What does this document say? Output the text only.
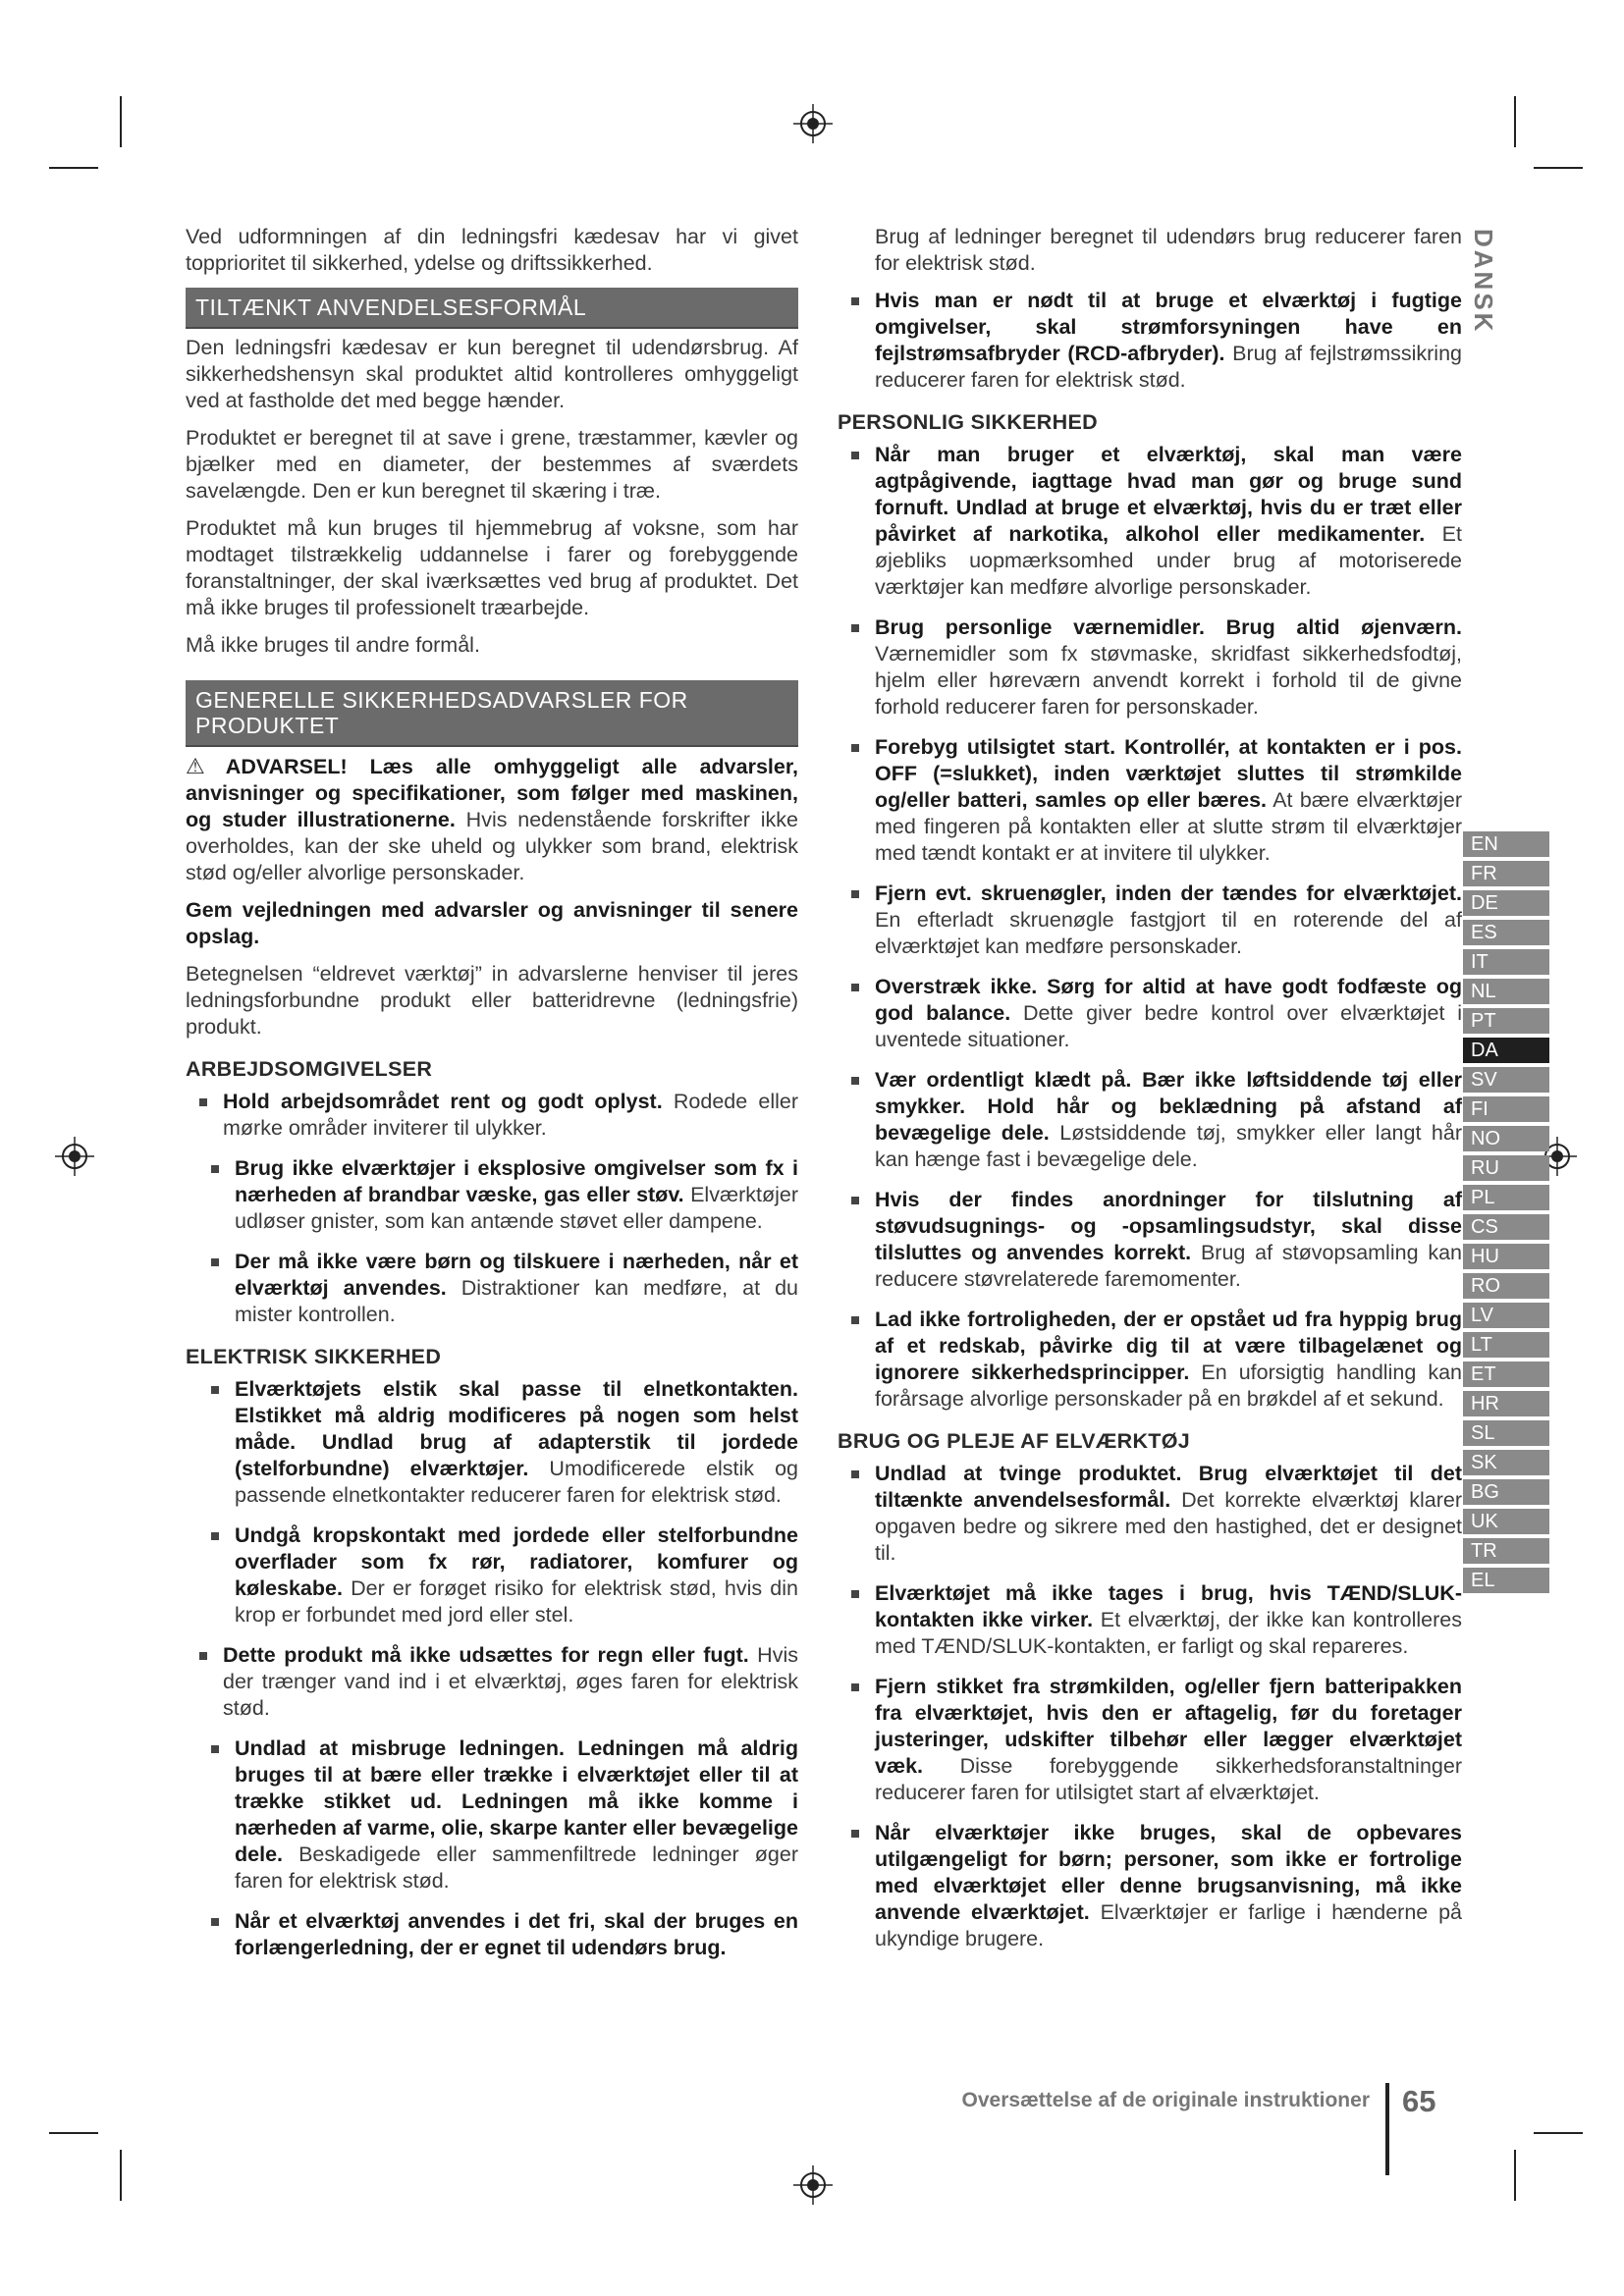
Ved udformningen af din ledningsfri kædesav har vi givet topprioritet til sikkerhed, ydelse og driftssikkerhed.

TILTÆNKT ANVENDELSESFORMÅL

Den ledningsfri kædesav er kun beregnet til udendørsbrug. Af sikkerhedshensyn skal produktet altid kontrolleres omhyggeligt ved at fastholde det med begge hænder.

Produktet er beregnet til at save i grene, træstammer, kævler og bjælker med en diameter, der bestemmes af sværdets savelængde. Den er kun beregnet til skæring i træ.

Produktet må kun bruges til hjemmebrug af voksne, som har modtaget tilstrækkelig uddannelse i farer og forebyggende foranstaltninger, der skal iværksættes ved brug af produktet. Det må ikke bruges til professionelt træarbejde.

Må ikke bruges til andre formål.

GENERELLE SIKKERHEDSADVARSLER FOR PRODUKTET

⚠ ADVARSEL! Læs alle omhyggeligt alle advarsler, anvisninger og specifikationer, som følger med maskinen, og studer illustrationerne. Hvis nedenstående forskrifter ikke overholdes, kan der ske uheld og ulykker som brand, elektrisk stød og/eller alvorlige personskader.

Gem vejledningen med advarsler og anvisninger til senere opslag.

Betegnelsen “eldrevet værktøj” in advarslerne henviser til jeres ledningsforbundne produkt eller batteridrevne (ledningsfrie) produkt.

ARBEJDSOMGIVELSER
Hold arbejdsområdet rent og godt oplyst. Rodede eller mørke områder inviterer til ulykker.
Brug ikke elværktøjer i eksplosive omgivelser som fx i nærheden af brandbar væske, gas eller støv. Elværktøjer udløser gnister, som kan antænde støvet eller dampene.
Der må ikke være børn og tilskuere i nærheden, når et elværktøj anvendes. Distraktioner kan medføre, at du mister kontrollen.
ELEKTRISK SIKKERHED
Elværktøjets elstik skal passe til elnetkontakten. Elstikket må aldrig modificeres på nogen som helst måde. Undlad brug af adapterstik til jordede (stelforbundne) elværktøjer. Umodificerede elstik og passende elnetkontakter reducerer faren for elektrisk stød.
Undgå kropskontakt med jordede eller stelforbundne overflader som fx rør, radiatorer, komfurer og køleskabe. Der er forøget risiko for elektrisk stød, hvis din krop er forbundet med jord eller stel.
Dette produkt må ikke udsættes for regn eller fugt. Hvis der trænger vand ind i et elværktøj, øges faren for elektrisk stød.
Undlad at misbruge ledningen. Ledningen må aldrig bruges til at bære eller trække i elværktøjet eller til at trække stikket ud. Ledningen må ikke komme i nærheden af varme, olie, skarpe kanter eller bevægelige dele. Beskadigede eller sammenfiltrede ledninger øger faren for elektrisk stød.
Når et elværktøj anvendes i det fri, skal der bruges en forlængerledning, der er egnet til udendørs brug.

Brug af ledninger beregnet til udendørs brug reducerer faren for elektrisk stød.

Hvis man er nødt til at bruge et elværktøj i fugtige omgivelser, skal strømforsyningen have en fejlstrømsafbryder (RCD-afbryder). Brug af fejlstrømssikring reducerer faren for elektrisk stød.
PERSONLIG SIKKERHED
Når man bruger et elværktøj, skal man være agtpågivende, iagttage hvad man gør og bruge sund fornuft. Undlad at bruge et elværktøj, hvis du er træt eller påvirket af narkotika, alkohol eller medikamenter. Et øjebliks uopmærksomhed under brug af motoriserede værktøjer kan medføre alvorlige personskader.
Brug personlige værnemidler. Brug altid øjenværn. Værnemidler som fx støvmaske, skridfast sikkerhedsfodtøj, hjelm eller høreværn anvendt korrekt i forhold til de givne forhold reducerer faren for personskader.
Forebyg utilsigtet start. Kontrollér, at kontakten er i pos. OFF (=slukket), inden værktøjet sluttes til strømkilde og/eller batteri, samles op eller bæres. At bære elværktøjer med fingeren på kontakten eller at slutte strøm til elværktøjer med tændt kontakt er at invitere til ulykker.
Fjern evt. skruenøgler, inden der tændes for elværktøjet. En efterladt skruenøgle fastgjort til en roterende del af elværktøjet kan medføre personskader.
Overstræk ikke. Sørg for altid at have godt fodfæste og god balance. Dette giver bedre kontrol over elværktøjet i uventede situationer.
Vær ordentligt klædt på. Bær ikke løftsiddende tøj eller smykker. Hold hår og beklædning på afstand af bevægelige dele. Løstsiddende tøj, smykker eller langt hår kan hænge fast i bevægelige dele.
Hvis der findes anordninger for tilslutning af støvudsugnings- og -opsamlingsudstyr, skal disse tilsluttes og anvendes korrekt. Brug af støvopsamling kan reducere støvrelaterede faremomenter.
Lad ikke fortroligheden, der er opstået ud fra hyppig brug af et redskab, påvirke dig til at være tilbagelænet og ignorere sikkerhedsprincipper. En uforsigtig handling kan forårsage alvorlige personskader på en brøkdel af et sekund.
BRUG OG PLEJE AF ELVÆRKTØJ
Undlad at tvinge produktet. Brug elværktøjet til det tiltænkte anvendelsesformål. Det korrekte elværktøj klarer opgaven bedre og sikrere med den hastighed, det er designet til.
Elværktøjet må ikke tages i brug, hvis TÆND/SLUK-kontakten ikke virker. Et elværktøj, der ikke kan kontrolleres med TÆND/SLUK-kontakten, er farligt og skal repareres.
Fjern stikket fra strømkilden, og/eller fjern batteripakken fra elværktøjet, hvis den er aftagelig, før du foretager justeringer, udskifter tilbehør eller lægger elværktøjet væk. Disse forebyggende sikkerhedsforanstaltninger reducerer faren for utilsigtet start af elværktøjet.
Når elværktøjer ikke bruges, skal de opbevares utilgængeligt for børn; personer, som ikke er fortrolige med elværktøjet eller denne brugsanvisning, må ikke anvende elværktøjet. Elværktøjer er farlige i hænderne på ukyndige brugere.
DANSK
EN
FR
DE
ES
IT
NL
PT
DA
SV
FI
NO
RU
PL
CS
HU
RO
LV
LT
ET
HR
SL
SK
BG
UK
TR
EL
Oversættelse af de originale instruktioner 65
